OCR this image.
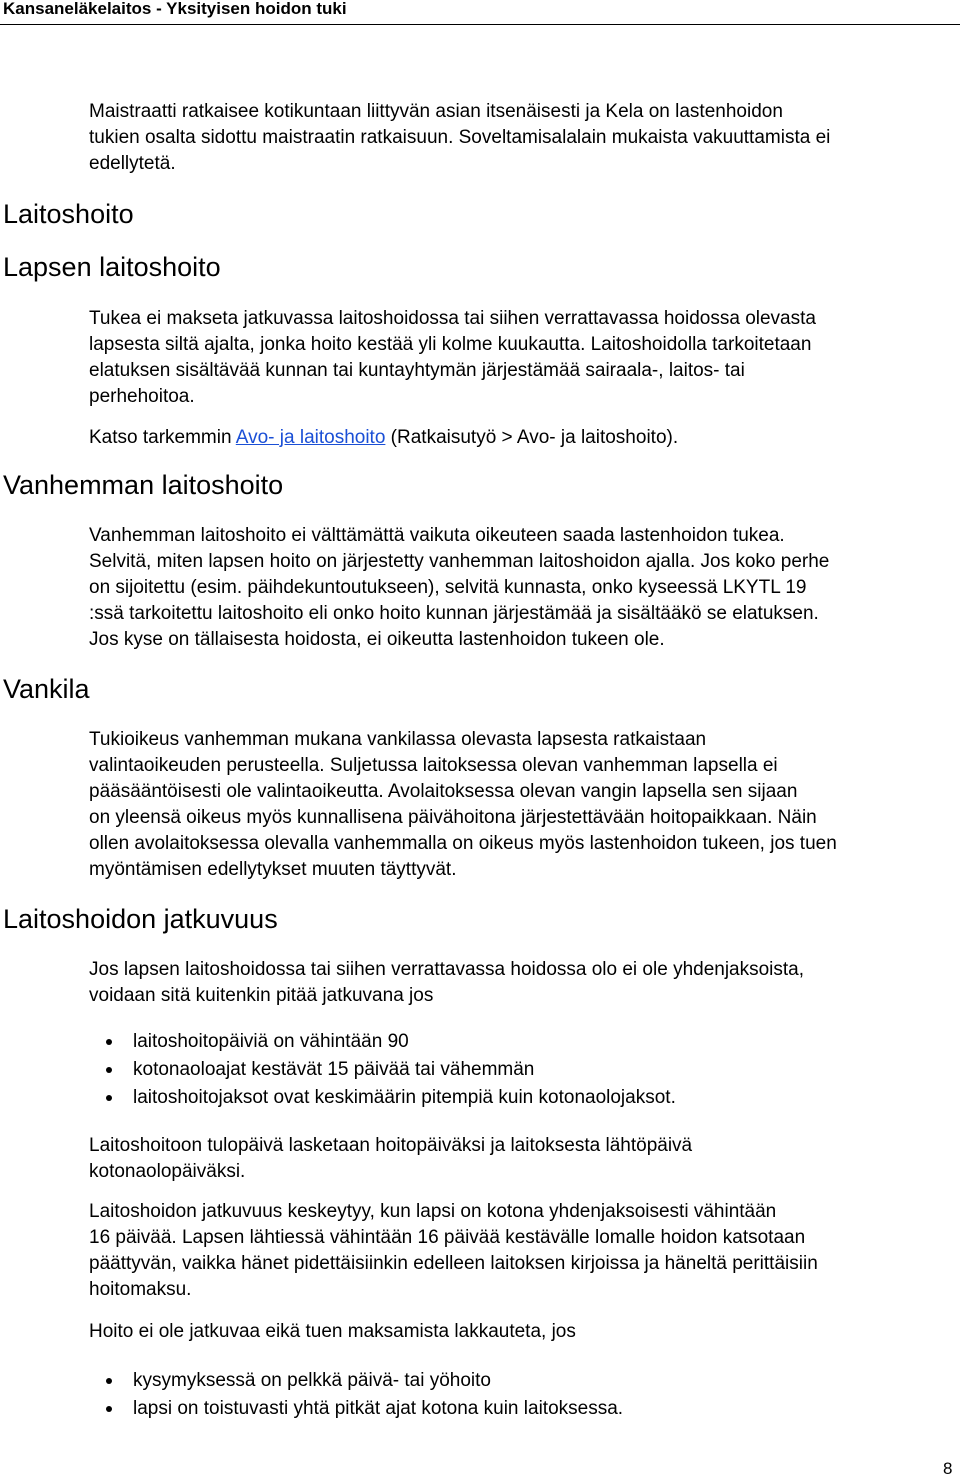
Kansaneläkelaitos - Yksityisen hoidon tuki

Maistraatti ratkaisee kotikuntaan liittyvän asian itsenäisesti ja Kela on lastenhoidon
tukien osalta sidottu maistraatin ratkaisuun. Soveltamisalalain mukaista vakuuttamista ei
edellytetä.

Laitoshoito
Lapsen laitoshoito

Tukea ei makseta jatkuvassa laitoshoidossa tai siihen verrattavassa hoidossa olevasta
lapsesta siltä ajalta, jonka hoito kestää yli kolme kuukautta. Laitoshoidolla tarkoitetaan
elatuksen sisältävää kunnan tai kuntayhtymän järjestämää sairaala-, laitos- tai
perhehoitoa.

Katso tarkemmin Avo- ja laitoshoito (Ratkaisutyö > Avo- ja laitoshoito).

Vanhemman laitoshoito

Vanhemman laitoshoito ei välttämättä vaikuta oikeuteen saada lastenhoidon tukea.
Selvitä, miten lapsen hoito on järjestetty vanhemman laitoshoidon ajalla. Jos koko perhe
on sijoitettu (esim. päihdekuntoutukseen), selvitä kunnasta, onko kyseessä LKYTL 19
:ssä tarkoitettu laitoshoito eli onko hoito kunnan järjestämää ja sisältääkö se elatuksen.
Jos kyse on tällaisesta hoidosta, ei oikeutta lastenhoidon tukeen ole.

Vankila

Tukioikeus vanhemman mukana vankilassa olevasta lapsesta ratkaistaan
valintaoikeuden perusteella. Suljetussa laitoksessa olevan vanhemman lapsella ei
pääsääntöisesti ole valintaoikeutta. Avolaitoksessa olevan vangin lapsella sen sijaan
on yleensä oikeus myös kunnallisena päivähoitona järjestettävään hoitopaikkaan. Näin
ollen avolaitoksessa olevalla vanhemmalla on oikeus myös lastenhoidon tukeen, jos tuen
myöntämisen edellytykset muuten täyttyvät.

Laitoshoidon jatkuvuus

Jos lapsen laitoshoidossa tai siihen verrattavassa hoidossa olo ei ole yhdenjaksoista,
voidaan sitä kuitenkin pitää jatkuvana jos

laitoshoitopäiviä on vähintään 90

kotonaoloajat kestävät 15 päivää tai vähemmän

laitoshoitojaksot ovat keskimäärin pitempiä kuin kotonaolojaksot.

Laitoshoitoon tulopäivä lasketaan hoitopäiväksi ja laitoksesta lähtöpäivä
kotonaolopäiväksi.

Laitoshoidon jatkuvuus keskeytyy, kun lapsi on kotona yhdenjaksoisesti vähintään
16 päivää. Lapsen lähtiessä vähintään 16 päivää kestävälle lomalle hoidon katsotaan
päättyvän, vaikka hänet pidettäisiinkin edelleen laitoksen kirjoissa ja häneltä perittäisiin
hoitomaksu.

Hoito ei ole jatkuvaa eikä tuen maksamista lakkauteta, jos

kysymyksessä on pelkkä päivä- tai yöhoito

lapsi on toistuvasti yhtä pitkät ajat kotona kuin laitoksessa.

8
